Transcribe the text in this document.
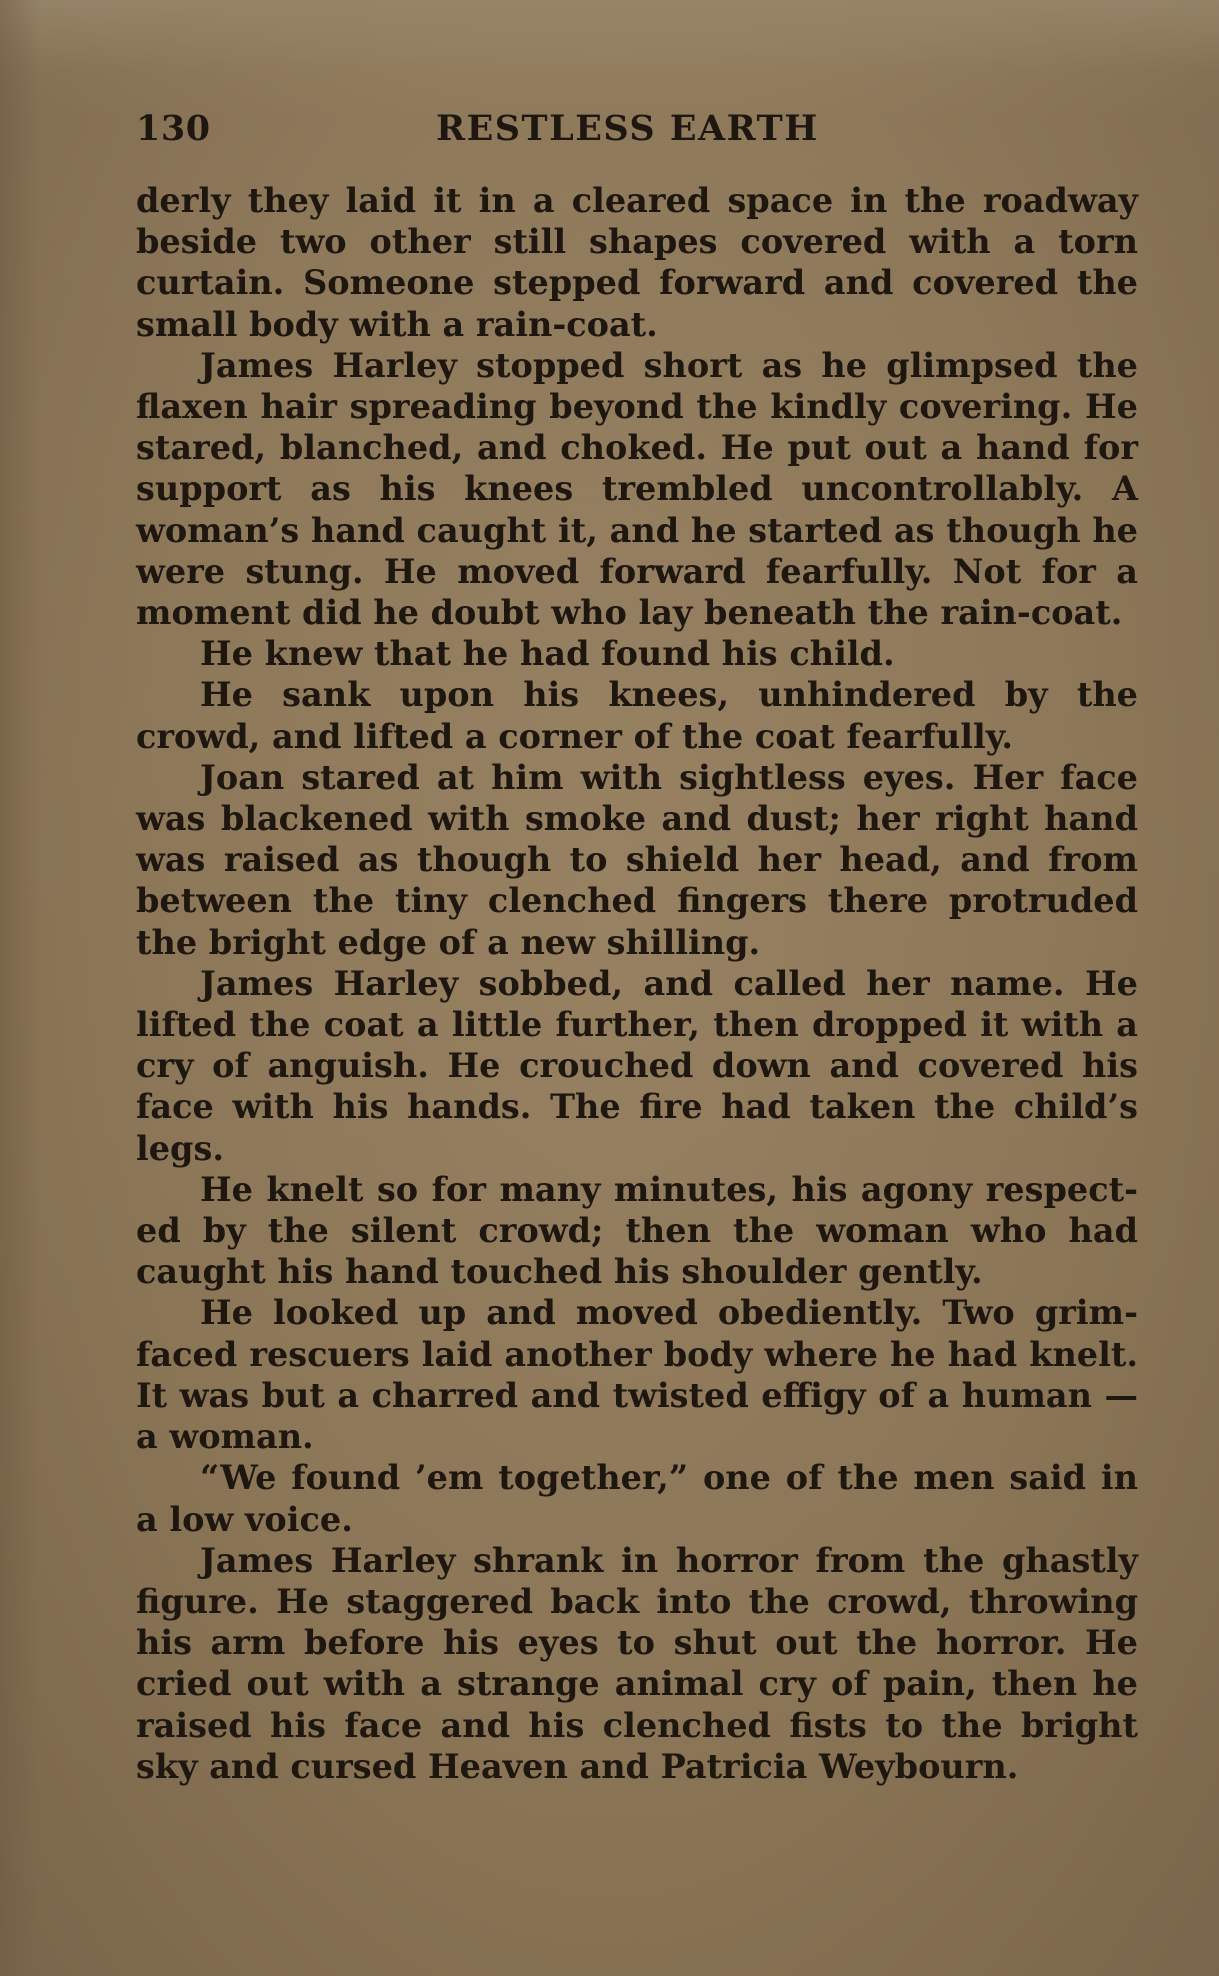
130	RESTLESS EARTH

derly they laid it in a cleared space in the roadway beside two other still shapes covered with a torn curtain. Someone stepped forward and covered the small body with a rain-coat.

James Harley stopped short as he glimpsed the flaxen hair spreading beyond the kindly covering. He stared, blanched, and choked. He put out a hand for support as his knees trembled uncontrollably. A woman’s hand caught it, and he started as though he were stung. He moved forward fearfully. Not for a moment did he doubt who lay beneath the rain-coat.

He knew that he had found his child.

He sank upon his knees, unhindered by the crowd, and lifted a corner of the coat fearfully.

Joan stared at him with sightless eyes. Her face was blackened with smoke and dust; her right hand was raised as though to shield her head, and from between the tiny clenched fingers there protruded the bright edge of a new shilling.

James Harley sobbed, and called her name. He lifted the coat a little further, then dropped it with a cry of anguish. He crouched down and covered his face with his hands. The fire had taken the child’s legs.

He knelt so for many minutes, his agony respect-ed by the silent crowd; then the woman who had caught his hand touched his shoulder gently.

He looked up and moved obediently. Two grim-faced rescuers laid another body where he had knelt. It was but a charred and twisted effigy of a human —a woman.

“We found ’em together,” one of the men said in a low voice.

James Harley shrank in horror from the ghastly figure. He staggered back into the crowd, throwing his arm before his eyes to shut out the horror. He cried out with a strange animal cry of pain, then he raised his face and his clenched fists to the bright sky and cursed Heaven and Patricia Weybourn.
